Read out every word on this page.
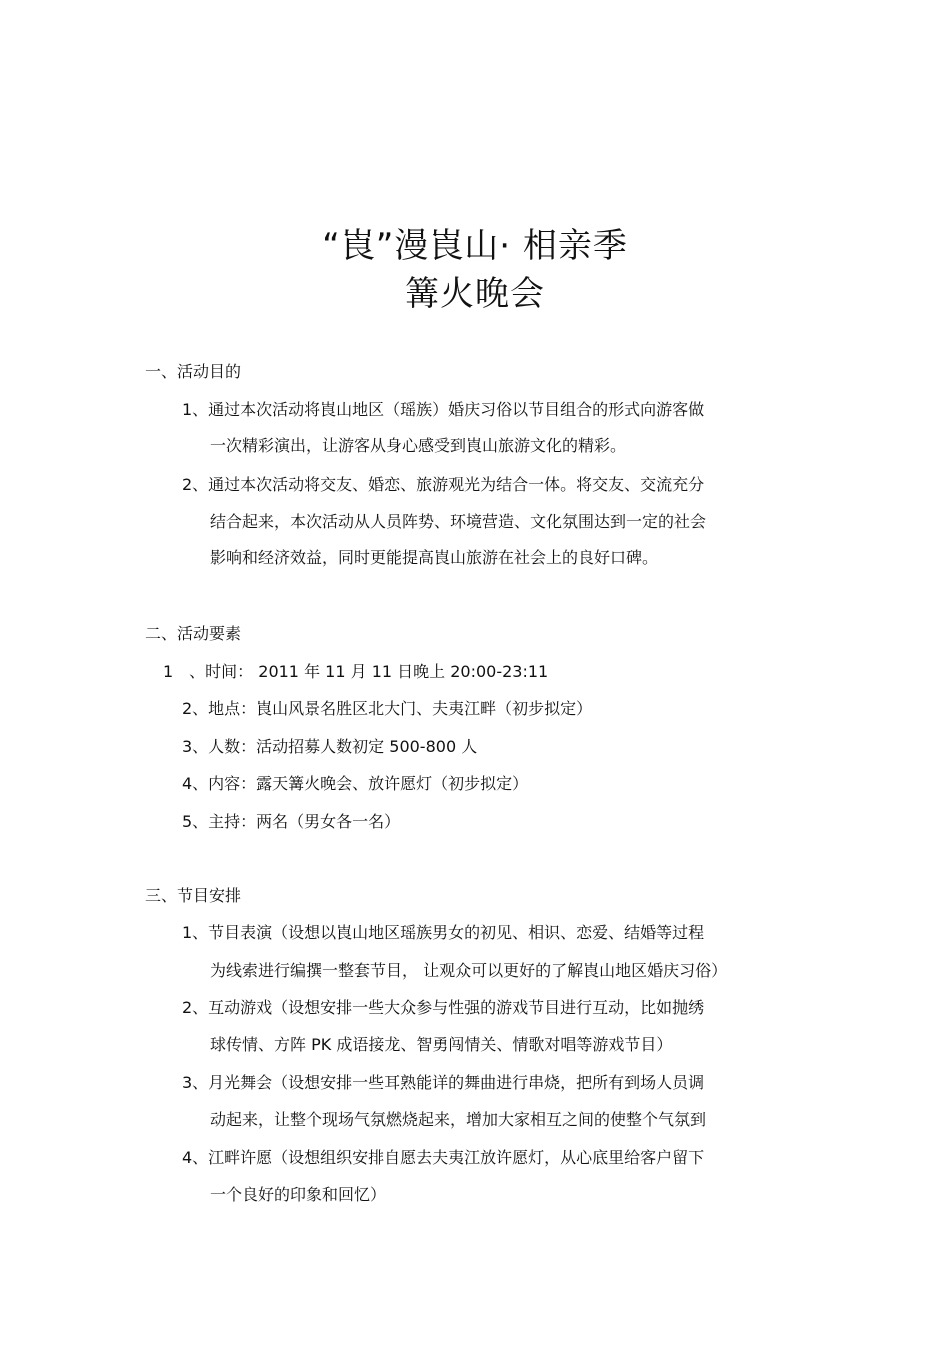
“崀”漫崀山· 相亲季
篝火晚会
一、活动目的
1、通过本次活动将崀山地区（瑶族）婚庆习俗以节目组合的形式向游客做
一次精彩演出，让游客从身心感受到崀山旅游文化的精彩。
2、通过本次活动将交友、婚恋、旅游观光为结合一体。将交友、交流充分
结合起来，本次活动从人员阵势、环境营造、文化氛围达到一定的社会
影响和经济效益，同时更能提高崀山旅游在社会上的良好口碑。
二、活动要素
1　、时间： 2011 年 11 月 11 日晚上 20:00-23:11
2、地点：崀山风景名胜区北大门、夫夷江畔（初步拟定）
3、人数：活动招募人数初定 500-800 人
4、内容：露天篝火晚会、放许愿灯（初步拟定）
5、主持：两名（男女各一名）
三、节目安排
1、节目表演（设想以崀山地区瑶族男女的初见、相识、恋爱、结婚等过程
为线索进行编撰一整套节目， 让观众可以更好的了解崀山地区婚庆习俗）
2、互动游戏（设想安排一些大众参与性强的游戏节目进行互动，比如抛绣
球传情、方阵 PK 成语接龙、智勇闯情关、情歌对唱等游戏节目）
3、月光舞会（设想安排一些耳熟能详的舞曲进行串烧，把所有到场人员调
动起来，让整个现场气氛燃烧起来，增加大家相互之间的使整个气氛到
4、江畔许愿（设想组织安排自愿去夫夷江放许愿灯，从心底里给客户留下
一个良好的印象和回忆）
